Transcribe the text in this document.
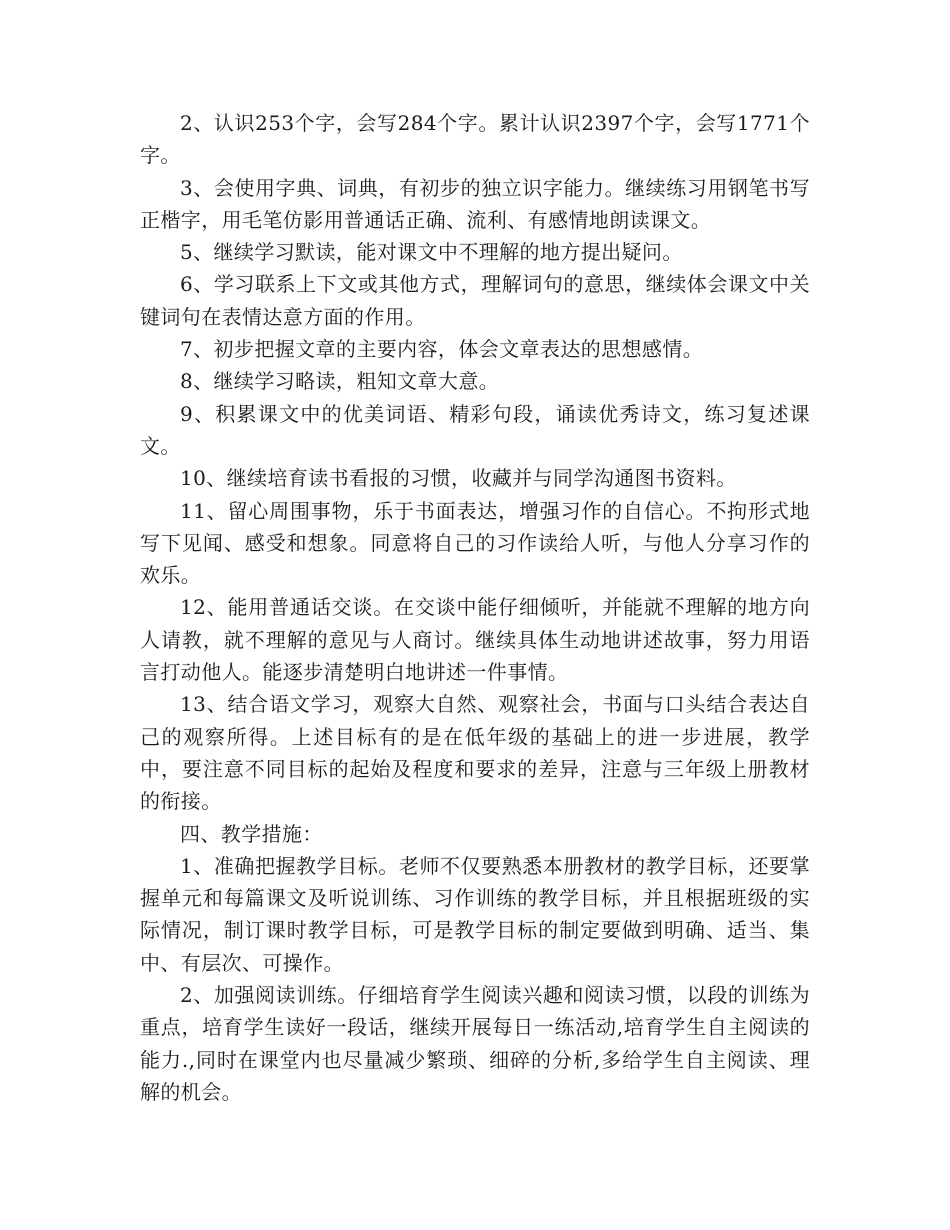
2、认识253个字，会写284个字。累计认识2397个字，会写1771个字。

3、会使用字典、词典，有初步的独立识字能力。继续练习用钢笔书写正楷字，用毛笔仿影用普通话正确、流利、有感情地朗读课文。

5、继续学习默读，能对课文中不理解的地方提出疑问。

6、学习联系上下文或其他方式，理解词句的意思，继续体会课文中关键词句在表情达意方面的作用。

7、初步把握文章的主要内容，体会文章表达的思想感情。

8、继续学习略读，粗知文章大意。

9、积累课文中的优美词语、精彩句段，诵读优秀诗文，练习复述课文。

10、继续培育读书看报的习惯，收藏并与同学沟通图书资料。

11、留心周围事物，乐于书面表达，增强习作的自信心。不拘形式地写下见闻、感受和想象。同意将自己的习作读给人听，与他人分享习作的欢乐。

12、能用普通话交谈。在交谈中能仔细倾听，并能就不理解的地方向人请教，就不理解的意见与人商讨。继续具体生动地讲述故事，努力用语言打动他人。能逐步清楚明白地讲述一件事情。

13、结合语文学习，观察大自然、观察社会，书面与口头结合表达自己的观察所得。上述目标有的是在低年级的基础上的进一步进展，教学中，要注意不同目标的起始及程度和要求的差异，注意与三年级上册教材的衔接。

四、教学措施：

1、准确把握教学目标。老师不仅要熟悉本册教材的教学目标，还要掌握单元和每篇课文及听说训练、习作训练的教学目标，并且根据班级的实际情况，制订课时教学目标，可是教学目标的制定要做到明确、适当、集中、有层次、可操作。

2、加强阅读训练。仔细培育学生阅读兴趣和阅读习惯，以段的训练为重点，培育学生读好一段话，继续开展每日一练活动,培育学生自主阅读的能力.,同时在课堂内也尽量减少繁琐、细碎的分析,多给学生自主阅读、理解的机会。
